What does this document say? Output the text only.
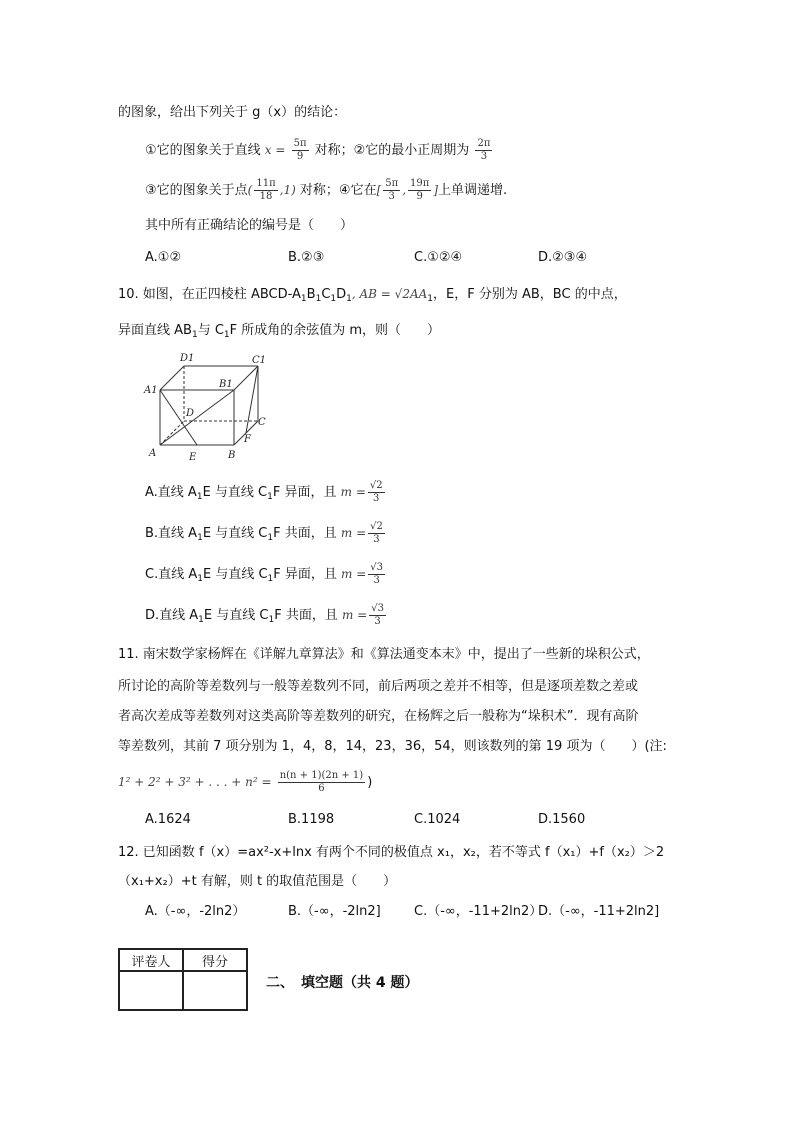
的图象，给出下列关于 g（x）的结论：
①它的图象关于直线 $x = \frac{5\pi}{9}$ 对称；②它的最小正周期为 $\frac{2\pi}{3}$
③它的图象关于点( $\frac{11\pi}{18} ,1$) 对称；④它在[ $\frac{5\pi}{3}$ , $\frac{19\pi}{9}$ ]上单调递增.
其中所有正确结论的编号是（　　）
A.①②	B.②③	C.①②④	D.②③④
10. 如图，在正四棱柱 ABCD-$A_1B_1C_1D_1$, AB = $√2AA_1$，E，F 分别为 AB，BC 的中点，
异面直线 $AB_1$与 $C_1F$ 所成角的余弦值为 m，则（　　）
D1	C1
A1
B1
D
C
F
A	E	B
A.直线 $A_1E$ 与直线 $C_1F$ 异面，且 $m = \frac{√2}{3}$
B.直线 $A_1E$ 与直线 $C_1F$ 共面，且 $m = \frac{√2}{3}$
C.直线 $A_1E$ 与直线 $C_1F$ 异面，且 $m = \frac{√3}{3}$
D.直线 $A_1E$ 与直线 $C_1F$ 共面，且 $m = \frac{√3}{3}$
11. 南宋数学家杨辉在《详解九章算法》和《算法通变本末》中，提出了一些新的垛积公式，
所讨论的高阶等差数列与一般等差数列不同，前后两项之差并不相等，但是逐项差数之差或
者高次差成等差数列对这类高阶等差数列的研究，在杨辉之后一般称为“垛积术”．现有高阶
等差数列，其前 7 项分别为 1，4，8，14，23，36，54，则该数列的第 19 项为（　　）(注:
1² + 2² + 3² + . . . + $n^2 = \frac{n(n + 1)(2n + 1)}{6}$ )
A.1624	B.1198	C.1024	D.1560
12. 已知函数 f（x）=ax²-x+lnx 有两个不同的极值点 x₁，x₂，若不等式 f（x₁）+f（x₂）＞2
（x₁+x₂）+t 有解，则 t 的取值范围是（　　）
A.（-∞，-2ln2）	B.（-∞，-2ln2]	C.（-∞，-11+2ln2）
D.（-∞，-11+2ln2]
评卷人	得分

二、　填空题（共 4 题）
